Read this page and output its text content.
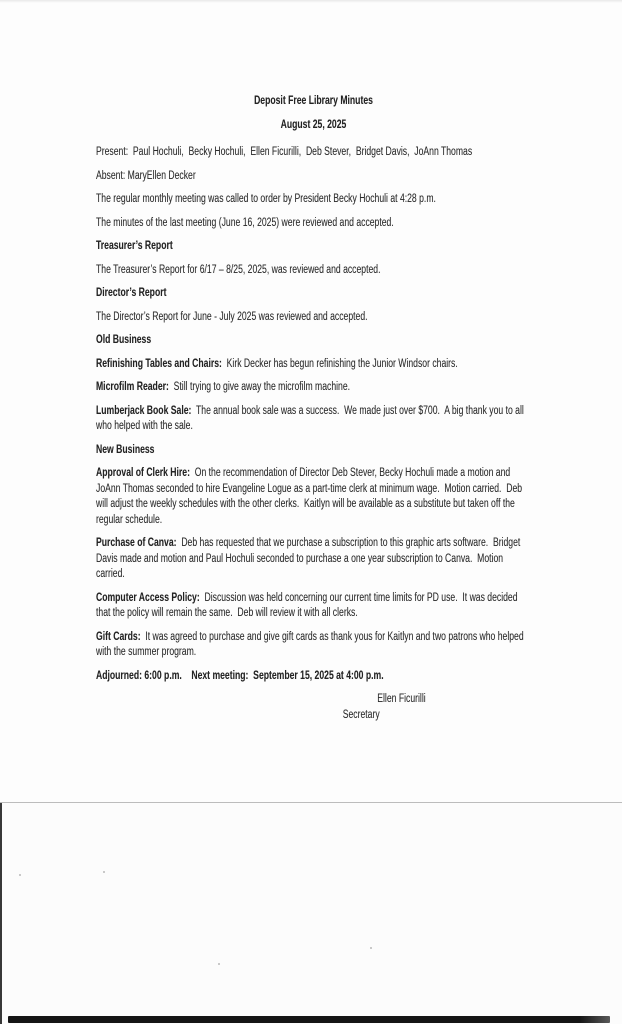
Deposit Free Library Minutes

August 25, 2025

Present:  Paul Hochuli,  Becky Hochuli,  Ellen Ficurilli,  Deb Stever,  Bridget Davis,  JoAnn Thomas

Absent: MaryEllen Decker

The regular monthly meeting was called to order by President Becky Hochuli at 4:28 p.m.

The minutes of the last meeting (June 16, 2025) were reviewed and accepted.

Treasurer’s Report

The Treasurer’s Report for 6/17 – 8/25, 2025, was reviewed and accepted.

Director’s Report

The Director’s Report for June - July 2025 was reviewed and accepted.

Old Business

Refinishing Tables and Chairs:  Kirk Decker has begun refinishing the Junior Windsor chairs.

Microfilm Reader:  Still trying to give away the microfilm machine.

Lumberjack Book Sale:  The annual book sale was a success.  We made just over $700.  A big thank you to all who helped with the sale.

New Business

Approval of Clerk Hire:  On the recommendation of Director Deb Stever, Becky Hochuli made a motion and JoAnn Thomas seconded to hire Evangeline Logue as a part-time clerk at minimum wage.  Motion carried.  Deb will adjust the weekly schedules with the other clerks.  Kaitlyn will be available as a substitute but taken off the regular schedule.

Purchase of Canva:  Deb has requested that we purchase a subscription to this graphic arts software.  Bridget Davis made and motion and Paul Hochuli seconded to purchase a one year subscription to Canva.  Motion carried.

Computer Access Policy:  Discussion was held concerning our current time limits for PD use.  It was decided that the policy will remain the same.  Deb will review it with all clerks.

Gift Cards:  It was agreed to purchase and give gift cards as thank yous for Kaitlyn and two patrons who helped with the summer program.

Adjourned: 6:00 p.m.    Next meeting:  September 15, 2025 at 4:00 p.m.

Ellen Ficurilli
Secretary
